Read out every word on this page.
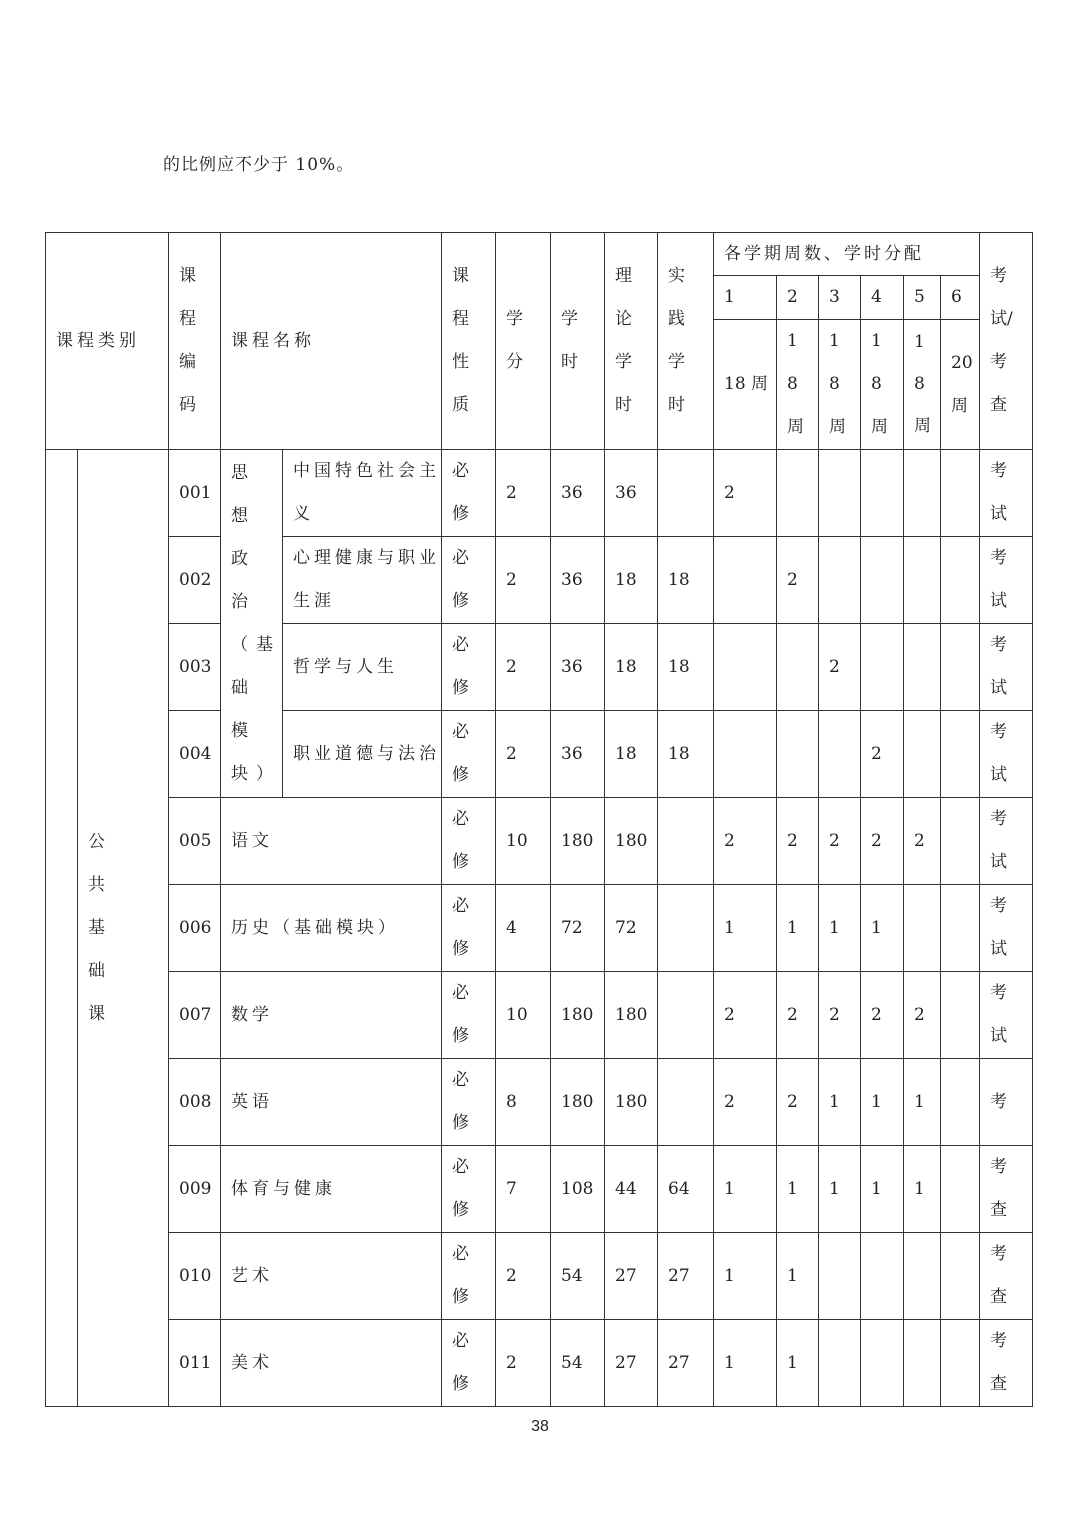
的比例应不少于 10%。
课程类别		课程编码	课程名称		课程性质	学分	学时	理论学时	实践学时	各学期周数、学时分配						考试/考查
										1	2	3	4	5	6	
										18 周	18周	18周	18周	18周	20周	
	公共基础课	001	思想政治（基础模块）	中国特色社会主义	必修	2	36	36		2						考试
		002		心理健康与职业生涯	必修	2	36	18	18		2					考试
		003		哲学与人生	必修	2	36	18	18			2				考试
		004		职业道德与法治	必修	2	36	18	18				2			考试
		005	语文		必修	10	180	180		2	2	2	2	2		考试
		006	历史（基础模块）		必修	4	72	72		1	1	1	1			考试
		007	数学		必修	10	180	180		2	2	2	2	2		考试
		008	英语		必修	8	180	180		2	2	1	1	1		考
		009	体育与健康		必修	7	108	44	64	1	1	1	1	1		考查
		010	艺术		必修	2	54	27	27	1	1					考查
		011	美术		必修	2	54	27	27	1	1					考查
38
